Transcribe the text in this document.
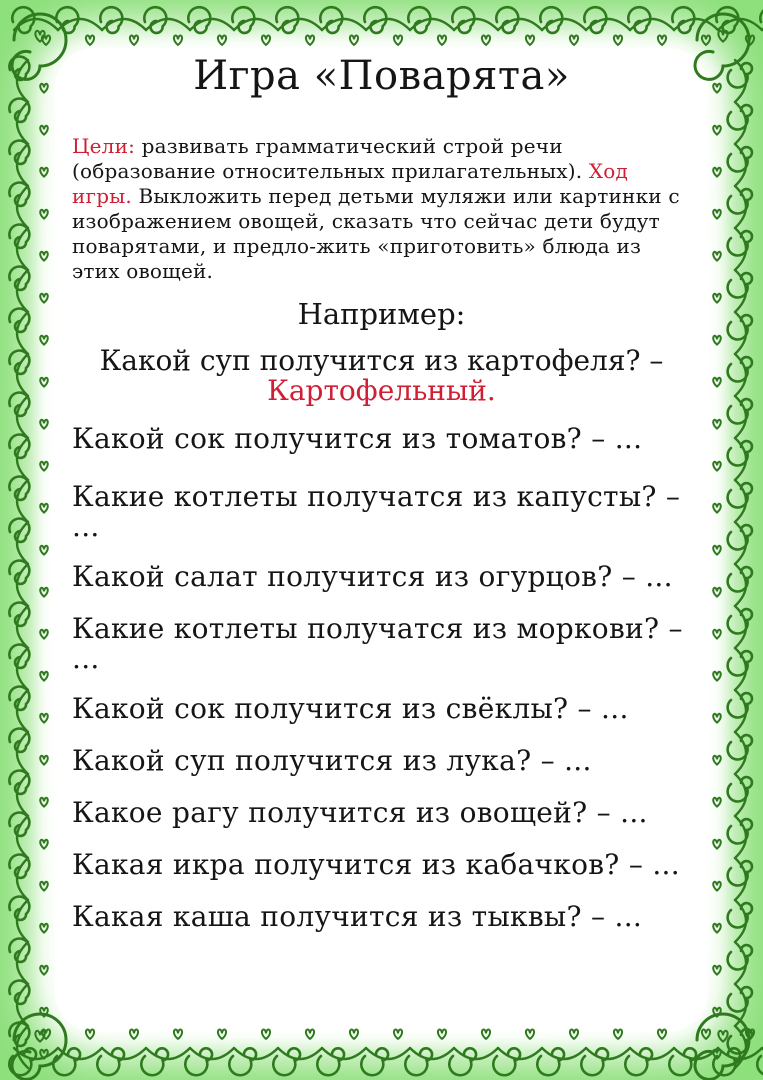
Игра «Поварята»
Цели: развивать грамматический строй речи (образование относительных прилагательных). Ход игры. Выкложить перед детьми муляжи или картинки с изображением овощей, сказать что сейчас дети будут поварятами, и предло-жить «приготовить» блюда из этих овощей.
Например:
Какой суп получится из картофеля? –
Картофельный.
Какой сок получится из томатов? – ...
Какие котлеты получатся из капусты? – ...
Какой салат получится из огурцов? – ...
Какие котлеты получатся из моркови? – ...
Какой сок получится из свёклы? – ...
Какой суп получится из лука? – ...
Какое рагу получится из овощей? – ...
Какая икра получится из кабачков? – ...
Какая каша получится из тыквы? – ...
